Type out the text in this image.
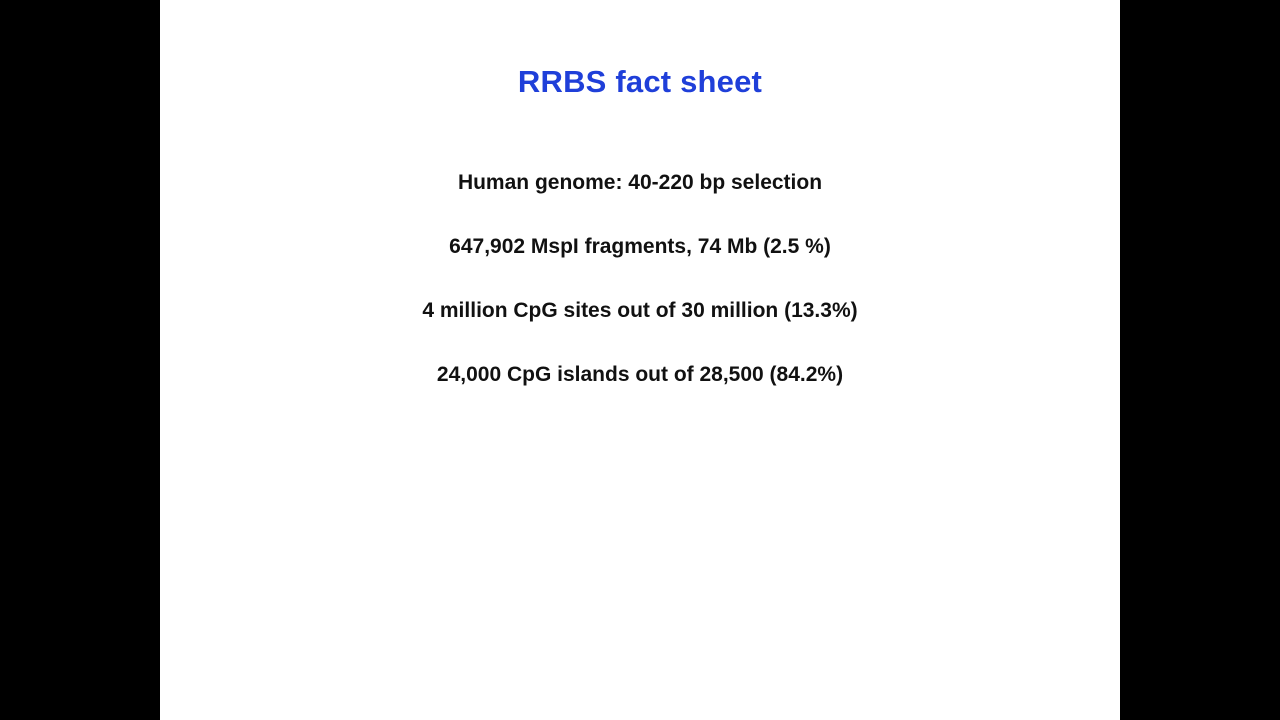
RRBS fact sheet
Human genome: 40-220 bp selection
647,902 MspI fragments, 74 Mb (2.5 %)
4 million CpG sites out of 30 million (13.3%)
24,000 CpG islands out of 28,500 (84.2%)
